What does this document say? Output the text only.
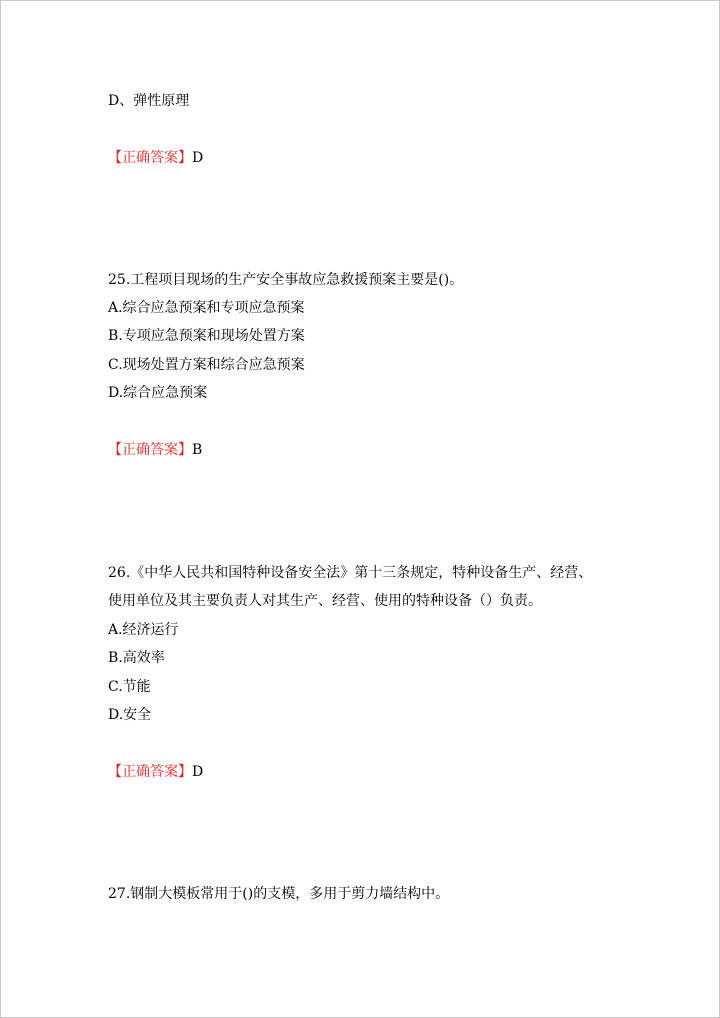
D、弹性原理
【正确答案】D
25.工程项目现场的生产安全事故应急救援预案主要是()。
A.综合应急预案和专项应急预案
B.专项应急预案和现场处置方案
C.现场处置方案和综合应急预案
D.综合应急预案
【正确答案】B
26.《中华人民共和国特种设备安全法》第十三条规定，特种设备生产、经营、
使用单位及其主要负责人对其生产、经营、使用的特种设备（）负责。
A.经济运行
B.高效率
C.节能
D.安全
【正确答案】D
27.钢制大模板常用于()的支模，多用于剪力墙结构中。
